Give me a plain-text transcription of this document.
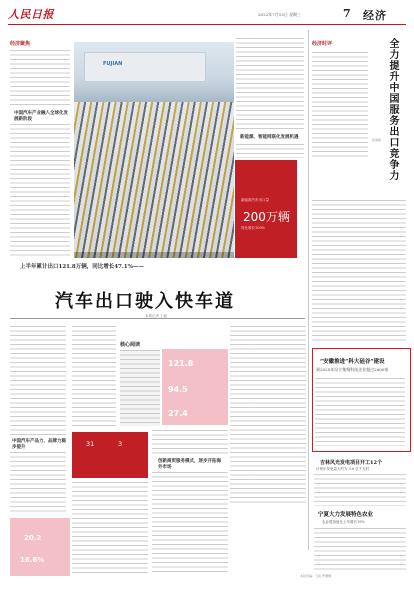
人民日报	2022年7月13日 星期三	7 经济
经济聚焦
中国汽车产业融入全球化发展新阶段
FUJIAN
新能源、智能网联化发展机遇
新能源汽车出口量
200万辆
同比增长100%
上半年累计出口121.8万辆，同比增长47.1%——
汽车出口驶入快车道
本报记者 王政
中国汽车产品力、品牌力稳步提升
20.2
16.6%
核心阅读
121.8
94.5
27.4
31	3
创新商贸服务模式，逐步开拓海外市场
经济时评	全力提升中国服务出口竞争力
邱海峰
“安徽推进“科大硅谷”建设
到2025年设立集聚科技企业超过2000家
吉林风光发电项目开工12个
计划年发电量大约为 3.6 亿千瓦时
宁夏大力发展特色农业
农业增加值比上年增长19%
本版责编：王政 罗珊珊
